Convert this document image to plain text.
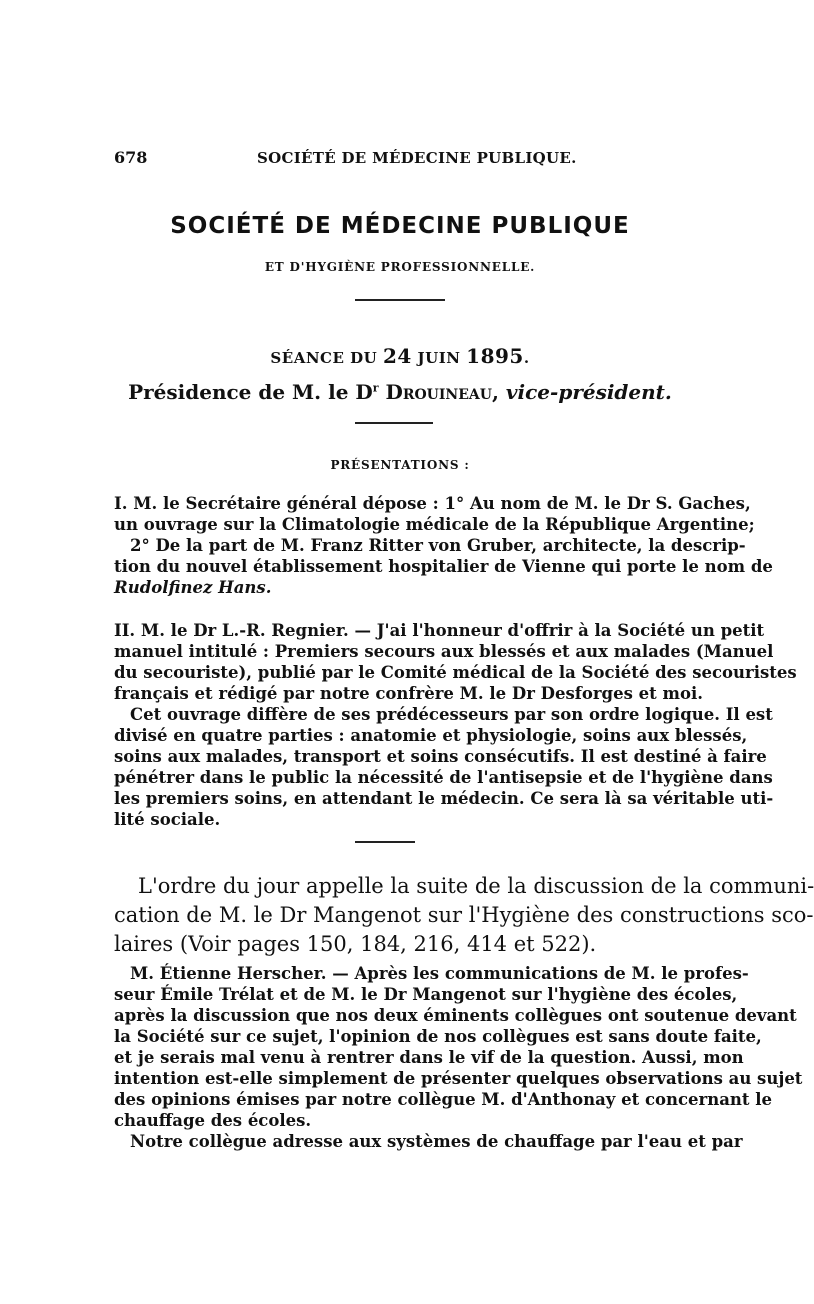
678	SOCIÉTÉ DE MÉDECINE PUBLIQUE.
SOCIÉTÉ DE MÉDECINE PUBLIQUE
ET D'HYGIÈNE PROFESSIONNELLE.
SÉANCE DU 24 JUIN 1895.
Présidence de M. le $D^r$ Drouineau, vice-président.
PRÉSENTATIONS :
I. M. le Secrétaire général dépose : 1° Au nom de M. le Dr S. Gaches,
un ouvrage sur la Climatologie médicale de la République Argentine;
2° De la part de M. Franz Ritter von Gruber, architecte, la descrip-
tion du nouvel établissement hospitalier de Vienne qui porte le nom de
Rudolfinez Hans.
II. M. le Dr L.-R. Regnier. — J'ai l'honneur d'offrir à la Société un petit
manuel intitulé : Premiers secours aux blessés et aux malades (Manuel
du secouriste), publié par le Comité médical de la Société des secouristes
français et rédigé par notre confrère M. le Dr Desforges et moi.
Cet ouvrage diffère de ses prédécesseurs par son ordre logique. Il est
divisé en quatre parties : anatomie et physiologie, soins aux blessés,
soins aux malades, transport et soins consécutifs. Il est destiné à faire
pénétrer dans le public la nécessité de l'antisepsie et de l'hygiène dans
les premiers soins, en attendant le médecin. Ce sera là sa véritable uti-
lité sociale.
L'ordre du jour appelle la suite de la discussion de la communi-
cation de M. le Dr Mangenot sur l'Hygiène des constructions sco-
laires (Voir pages 150, 184, 216, 414 et 522).
M. Étienne Herscher. — Après les communications de M. le profes-
seur Émile Trélat et de M. le Dr Mangenot sur l'hygiène des écoles,
après la discussion que nos deux éminents collègues ont soutenue devant
la Société sur ce sujet, l'opinion de nos collègues est sans doute faite,
et je serais mal venu à rentrer dans le vif de la question. Aussi, mon
intention est-elle simplement de présenter quelques observations au sujet
des opinions émises par notre collègue M. d'Anthonay et concernant le
chauffage des écoles.
Notre collègue adresse aux systèmes de chauffage par l'eau et par
